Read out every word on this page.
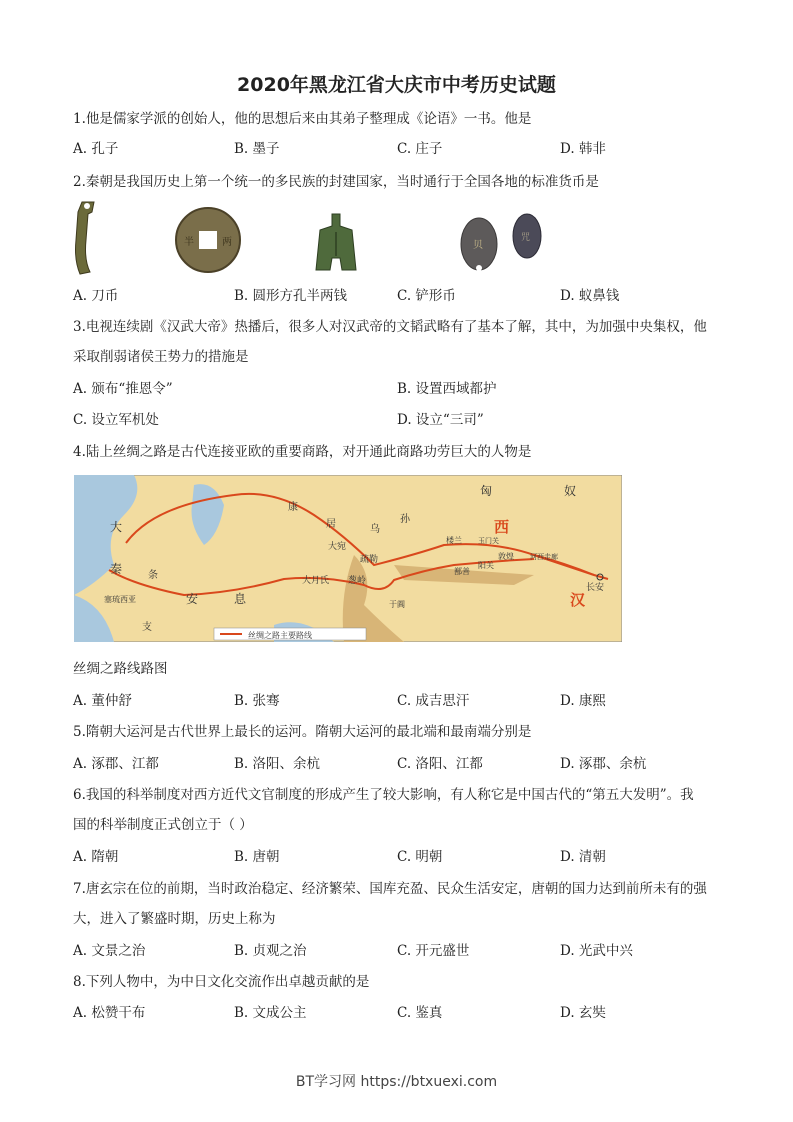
2020年黑龙江省大庆市中考历史试题
1.他是儒家学派的创始人，他的思想后来由其弟子整理成《论语》一书。他是
A. 孔子	B. 墨子	C. 庄子	D. 韩非
2.秦朝是我国历史上第一个统一的多民族的封建国家，当时通行于全国各地的标准货币是
半	两	贝
咒
A. 刀币	B. 圆形方孔半两钱	C. 铲形币	D. 蚁鼻钱
3.电视连续剧《汉武大帝》热播后，很多人对汉武帝的文韬武略有了基本了解，其中，为加强中央集权，他
采取削弱诸侯王势力的措施是
A. 颁布“推恩令”	B. 设置西域都护
C. 设立军机处	D. 设立“三司”
4.陆上丝绸之路是古代连接亚欧的重要商路，对开通此商路功劳巨大的人物是
丝绸之路主要路线
匈	奴
康
居	乌
孙
大宛
疏勒
葱岭
楼兰 玉门关
敦煌 河西走廊
鄯善
阳关
于阗
西
汉
长安
大
秦	条
支
安	息
大月氏
塞琉西亚
丝绸之路线路图
A. 董仲舒	B. 张骞	C. 成吉思汗	D. 康熙
5.隋朝大运河是古代世界上最长的运河。隋朝大运河的最北端和最南端分别是
A. 涿郡、江都	B. 洛阳、余杭	C. 洛阳、江都	D. 涿郡、余杭
6.我国的科举制度对西方近代文官制度的形成产生了较大影响，有人称它是中国古代的“第五大发明”。我
国的科举制度正式创立于（ ）
A. 隋朝	B. 唐朝	C. 明朝	D. 清朝
7.唐玄宗在位的前期，当时政治稳定、经济繁荣、国库充盈、民众生活安定，唐朝的国力达到前所未有的强
大，进入了繁盛时期，历史上称为
A. 文景之治	B. 贞观之治	C. 开元盛世	D. 光武中兴
8.下列人物中，为中日文化交流作出卓越贡献的是
A. 松赞干布	B. 文成公主	C. 鉴真	D. 玄奘
BT学习网 https://btxuexi.com
